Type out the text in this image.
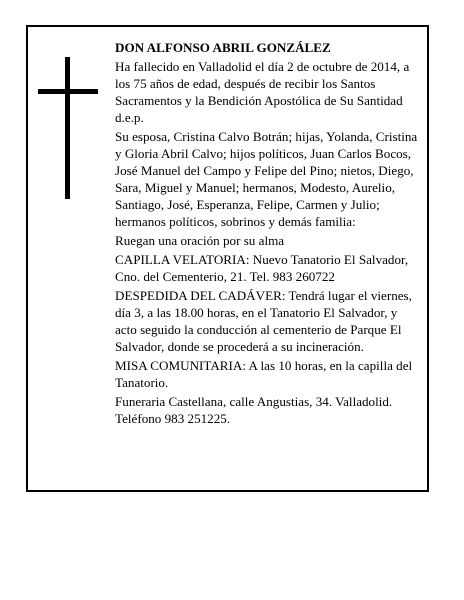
DON ALFONSO ABRIL GONZÁLEZ

Ha fallecido en Valladolid el día 2 de octubre de 2014, a los 75 años de edad, después de recibir los Santos Sacramentos y la Bendición Apostólica de Su Santidad d.e.p.

Su esposa, Cristina Calvo Botrán; hijas, Yolanda, Cristina y Gloria Abril Calvo; hijos políticos, Juan Carlos Bocos, José Manuel del Campo y Felipe del Pino; nietos, Diego, Sara, Miguel y Manuel; hermanos, Modesto, Aurelio, Santiago, José, Esperanza, Felipe, Carmen y Julio; hermanos políticos, sobrinos y demás familia:

Ruegan una oración por su alma

CAPILLA VELATORIA: Nuevo Tanatorio El Salvador, Cno. del Cementerio, 21. Tel. 983 260722

DESPEDIDA DEL CADÁVER: Tendrá lugar el viernes, día 3, a las 18.00 horas, en el Tanatorio El Salvador, y acto seguido la conducción al cementerio de Parque El Salvador, donde se procederá a su incineración.

MISA COMUNITARIA: A las 10 horas, en la capilla del Tanatorio.

Funeraria Castellana, calle Angustias, 34. Valladolid. Teléfono 983 251225.
